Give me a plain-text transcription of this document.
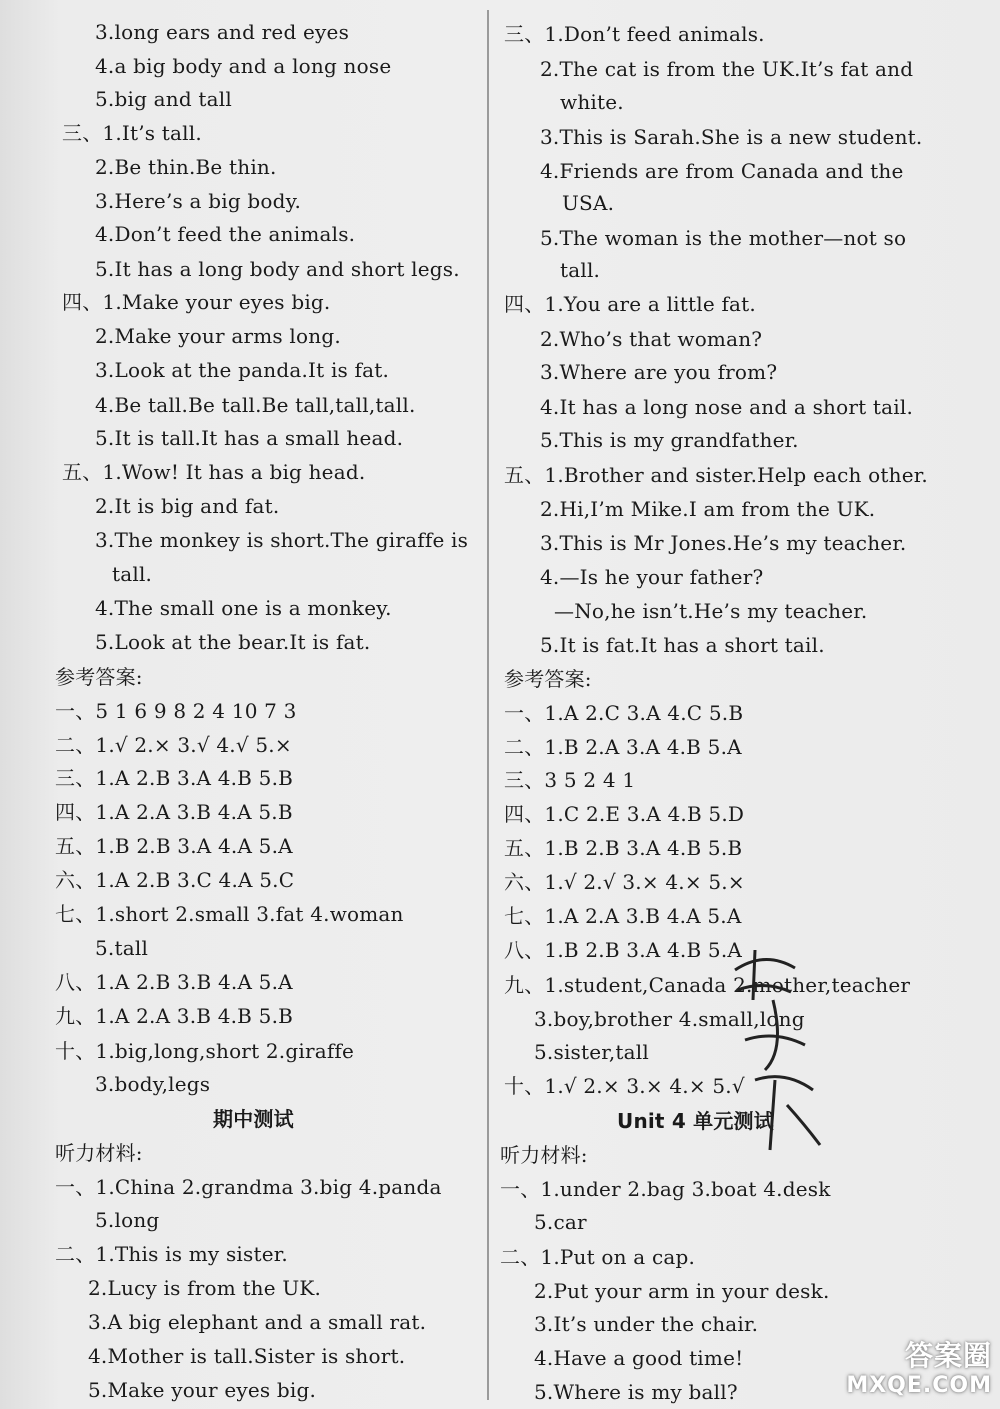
3.long ears and red eyes
4.a big body and a long nose
5.big and tall
三、1.It’s tall.
2.Be thin.Be thin.
3.Here’s a big body.
4.Don’t feed the animals.
5.It has a long body and short legs.
四、1.Make your eyes big.
2.Make your arms long.
3.Look at the panda.It is fat.
4.Be tall.Be tall.Be tall,tall,tall.
5.It is tall.It has a small head.
五、1.Wow! It has a big head.
2.It is big and fat.
3.The monkey is short.The giraffe is
tall.
4.The small one is a monkey.
5.Look at the bear.It is fat.
参考答案:
一、5 1 6 9 8 2 4 10 7 3
二、1.√ 2.× 3.√ 4.√ 5.×
三、1.A 2.B 3.A 4.B 5.B
四、1.A 2.A 3.B 4.A 5.B
五、1.B 2.B 3.A 4.A 5.A
六、1.A 2.B 3.C 4.A 5.C
七、1.short 2.small 3.fat 4.woman
5.tall
八、1.A 2.B 3.B 4.A 5.A
九、1.A 2.A 3.B 4.B 5.B
十、1.big,long,short 2.giraffe
3.body,legs
期中测试
听力材料:
一、1.China 2.grandma 3.big 4.panda
5.long
二、1.This is my sister.
2.Lucy is from the UK.
3.A big elephant and a small rat.
4.Mother is tall.Sister is short.
5.Make your eyes big.
三、1.Don’t feed animals.
2.The cat is from the UK.It’s fat and
white.
3.This is Sarah.She is a new student.
4.Friends are from Canada and the
USA.
5.The woman is the mother—not so
tall.
四、1.You are a little fat.
2.Who’s that woman?
3.Where are you from?
4.It has a long nose and a short tail.
5.This is my grandfather.
五、1.Brother and sister.Help each other.
2.Hi,I’m Mike.I am from the UK.
3.This is Mr Jones.He’s my teacher.
4.—Is he your father?
—No,he isn’t.He’s my teacher.
5.It is fat.It has a short tail.
参考答案:
一、1.A 2.C 3.A 4.C 5.B
二、1.B 2.A 3.A 4.B 5.A
三、3 5 2 4 1
四、1.C 2.E 3.A 4.B 5.D
五、1.B 2.B 3.A 4.B 5.B
六、1.√ 2.√ 3.× 4.× 5.×
七、1.A 2.A 3.B 4.A 5.A
八、1.B 2.B 3.A 4.B 5.A
九、1.student,Canada 2.mother,teacher
3.boy,brother 4.small,long
5.sister,tall
十、1.√ 2.× 3.× 4.× 5.√
Unit 4 单元测试
听力材料:
一、1.under 2.bag 3.boat 4.desk
5.car
二、1.Put on a cap.
2.Put your arm in your desk.
3.It’s under the chair.
4.Have a good time!
5.Where is my ball?
答案圈
MXQE.COM
